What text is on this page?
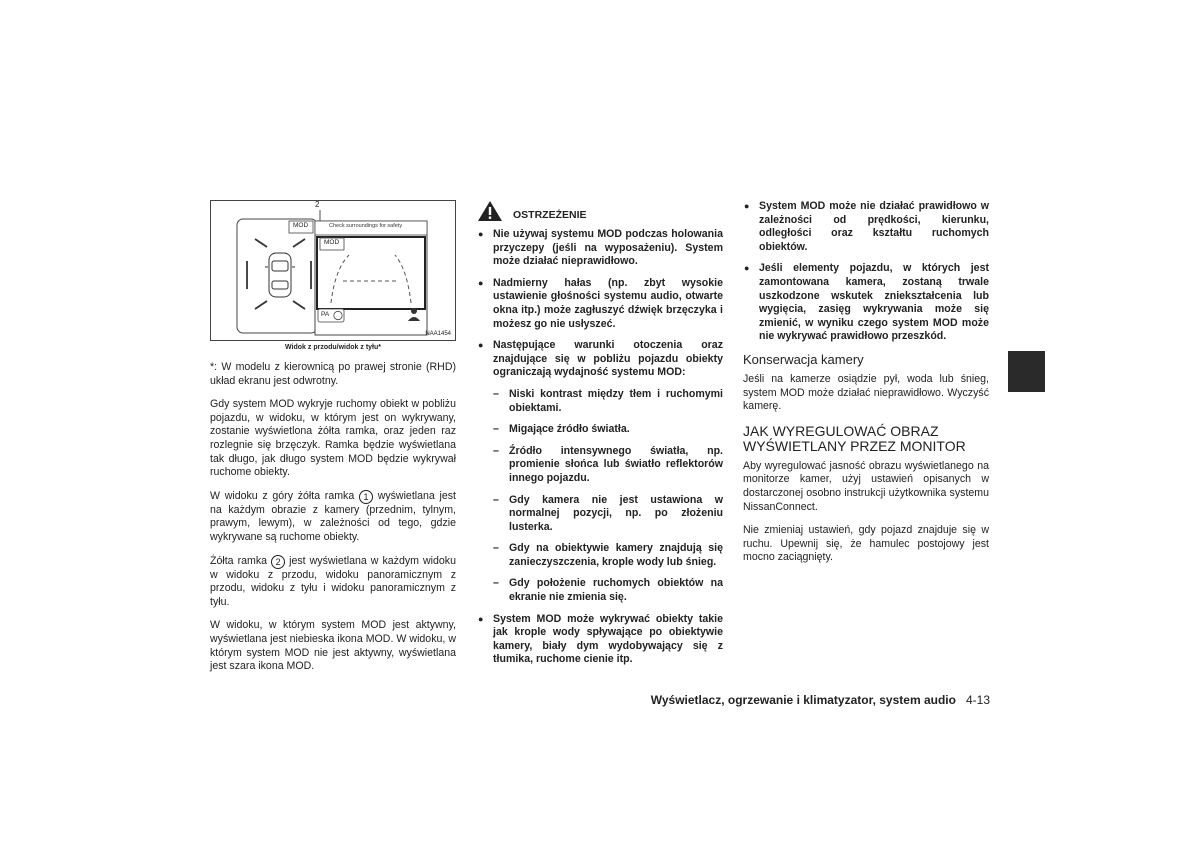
2
Check surroundings for safety
MOD
MOD
PA
NAA1454
Widok z przodu/widok z tyłu*

*: W modelu z kierownicą po prawej stronie (RHD) układ ekranu jest odwrotny.

Gdy system MOD wykryje ruchomy obiekt w pobliżu pojazdu, w widoku, w którym jest on wykrywany, zostanie wyświetlona żółta ramka, oraz jeden raz rozlegnie się brzęczyk. Ramka będzie wyświetlana tak długo, jak długo system MOD będzie wykrywał ruchome obiekty.

W widoku z góry żółta ramka 1 wyświetlana jest na każdym obrazie z kamery (przednim, tylnym, prawym, lewym), w zależności od tego, gdzie wykrywane są ruchome obiekty.

Żółta ramka 2 jest wyświetlana w każdym widoku w widoku z przodu, widoku panoramicznym z przodu, widoku z tyłu i widoku panoramicznym z tyłu.

W widoku, w którym system MOD jest aktywny, wyświetlana jest niebieska ikona MOD. W widoku, w którym system MOD nie jest aktywny, wyświetlana jest szara ikona MOD.

OSTRZEŻENIE
● Nie używaj systemu MOD podczas holowania przyczepy (jeśli na wyposażeniu). System może działać nieprawidłowo.
● Nadmierny hałas (np. zbyt wysokie ustawienie głośności systemu audio, otwarte okna itp.) może zagłuszyć dźwięk brzęczyka i możesz go nie usłyszeć.
● Następujące warunki otoczenia oraz znajdujące się w pobliżu pojazdu obiekty ograniczają wydajność systemu MOD:
– Niski kontrast między tłem i ruchomymi obiektami.
– Migające źródło światła.
– Źródło intensywnego światła, np. promienie słońca lub światło reflektorów innego pojazdu.
– Gdy kamera nie jest ustawiona w normalnej pozycji, np. po złożeniu lusterka.
– Gdy na obiektywie kamery znajdują się zanieczyszczenia, krople wody lub śnieg.
– Gdy położenie ruchomych obiektów na ekranie nie zmienia się.
● System MOD może wykrywać obiekty takie jak krople wody spływające po obiektywie kamery, biały dym wydobywający się z tłumika, ruchome cienie itp.
● System MOD może nie działać prawidłowo w zależności od prędkości, kierunku, odległości oraz kształtu ruchomych obiektów.
● Jeśli elementy pojazdu, w których jest zamontowana kamera, zostaną trwale uszkodzone wskutek zniekształcenia lub wygięcia, zasięg wykrywania może się zmienić, w wyniku czego system MOD może nie wykrywać prawidłowo przeszkód.
Konserwacja kamery

Jeśli na kamerze osiądzie pył, woda lub śnieg, system MOD może działać nieprawidłowo. Wyczyść kamerę.

JAK WYREGULOWAĆ OBRAZ WYŚWIETLANY PRZEZ MONITOR

Aby wyregulować jasność obrazu wyświetlanego na monitorze kamer, użyj ustawień opisanych w dostarczonej osobno instrukcji użytkownika systemu NissanConnect.

Nie zmieniaj ustawień, gdy pojazd znajduje się w ruchu. Upewnij się, że hamulec postojowy jest mocno zaciągnięty.

Wyświetlacz, ogrzewanie i klimatyzator, system audio 4-13
